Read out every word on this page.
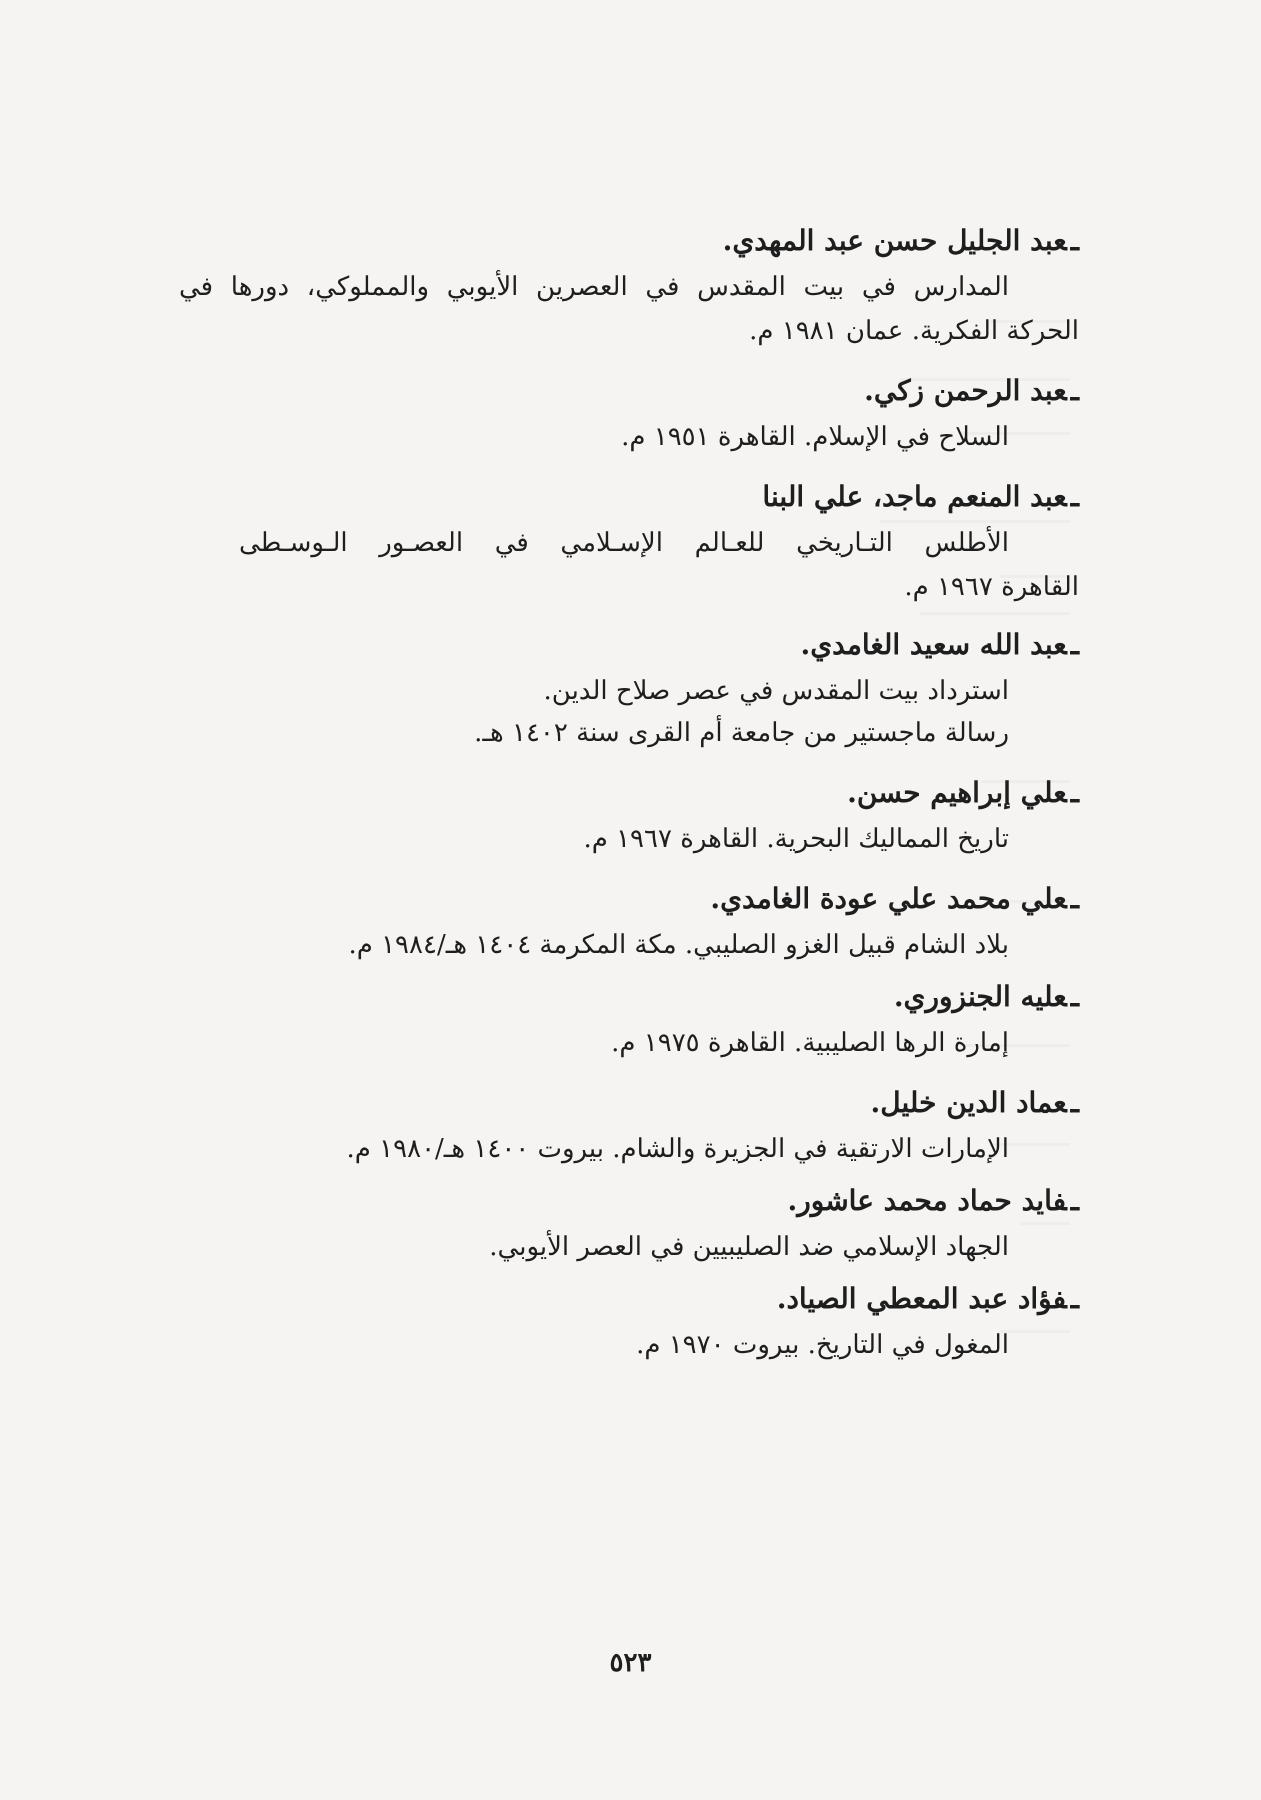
ـعبد الجليل حسن عبد المهدي.

المدارس في بيت المقدس في العصرين الأيوبي والمملوكي، دورها في

الحركة الفكرية. عمان ١٩٨١ م.

ـعبد الرحمن زكي.

السلاح في الإسلام. القاهرة ١٩٥١ م.

ـعبد المنعم ماجد، علي البنا

الأطلس التـاريخي للعـالم الإسـلامي في العصـور الـوسـطى

القاهرة ١٩٦٧ م.

ـعبد الله سعيد الغامدي.

استرداد بيت المقدس في عصر صلاح الدين.

رسالة ماجستير من جامعة أم القرى سنة ١٤٠٢ هـ.

ـعلي إبراهيم حسن.

تاريخ المماليك البحرية. القاهرة ١٩٦٧ م.

ـعلي محمد علي عودة الغامدي.

بلاد الشام قبيل الغزو الصليبي. مكة المكرمة ١٤٠٤ هـ/١٩٨٤ م.

ـعليه الجنزوري.

إمارة الرها الصليبية. القاهرة ١٩٧٥ م.

ـعماد الدين خليل.

الإمارات الارتقية في الجزيرة والشام. بيروت ١٤٠٠ هـ/١٩٨٠ م.

ـفايد حماد محمد عاشور.

الجهاد الإسلامي ضد الصليبيين في العصر الأيوبي.

ـفؤاد عبد المعطي الصياد.

المغول في التاريخ. بيروت ١٩٧٠ م.

٥٢٣
